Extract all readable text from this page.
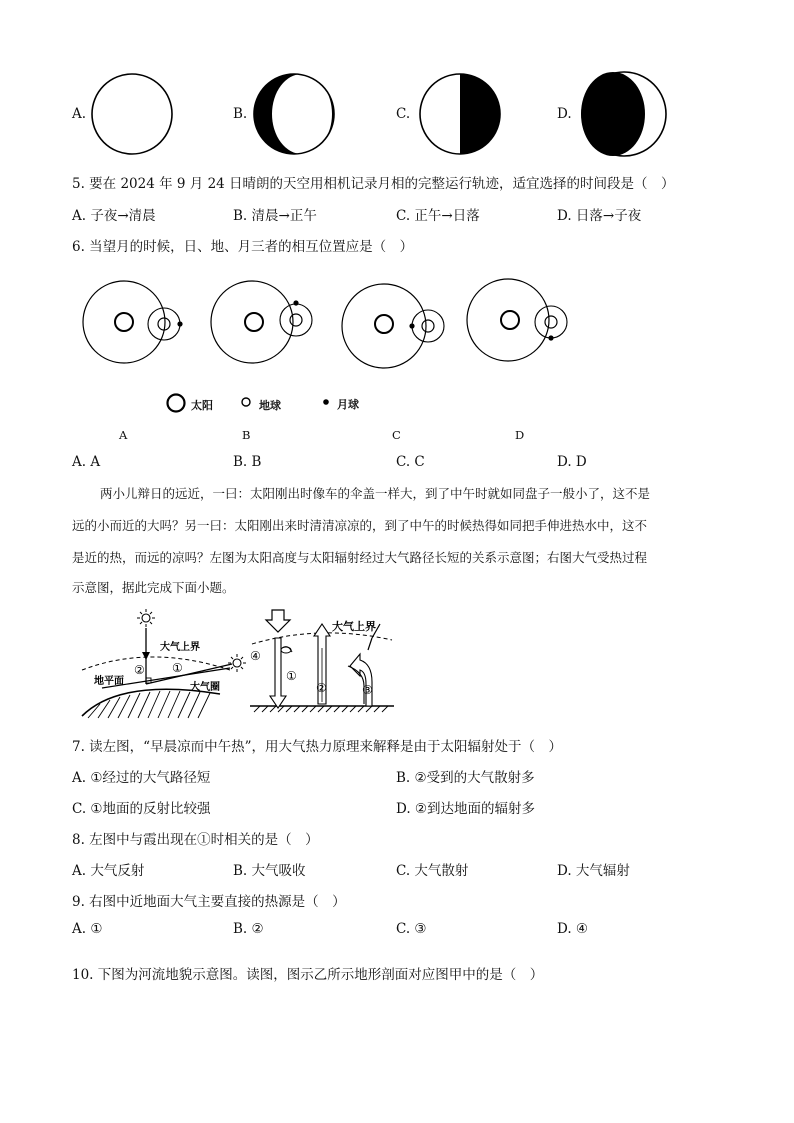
A.	B.	C.	D.
5. 要在 2024 年 9 月 24 日晴朗的天空用相机记录月相的完整运行轨迹，适宜选择的时间段是（　）
A. 子夜→清晨	B. 清晨→正午	C. 正午→日落	D. 日落→子夜
6. 当望月的时候，日、地、月三者的相互位置应是（　）
太阳	地球	月球
A	B	C	D
A. A	B. B	C. C	D. D
两小儿辩日的远近，一曰：太阳刚出时像车的伞盖一样大，到了中午时就如同盘子一般小了，这不是
远的小而近的大吗？另一曰：太阳刚出来时清清凉凉的，到了中午的时候热得如同把手伸进热水中，这不
是近的热，而远的凉吗？左图为太阳高度与太阳辐射经过大气路径长短的关系示意图；右图大气受热过程
示意图，据此完成下面小题。
大气上界
地平面
大气圈
② ①
大气上界
④
①
②	③
7. 读左图，“早晨凉而中午热”，用大气热力原理来解释是由于太阳辐射处于（　）
A. ①经过的大气路径短	B. ②受到的大气散射多
C. ①地面的反射比较强	D. ②到达地面的辐射多
8. 左图中与霞出现在①时相关的是（　）
A. 大气反射	B. 大气吸收	C. 大气散射	D. 大气辐射
9. 右图中近地面大气主要直接的热源是（　）
A. ①	B. ②	C. ③	D. ④
10. 下图为河流地貌示意图。读图，图示乙所示地形剖面对应图甲中的是（　）
